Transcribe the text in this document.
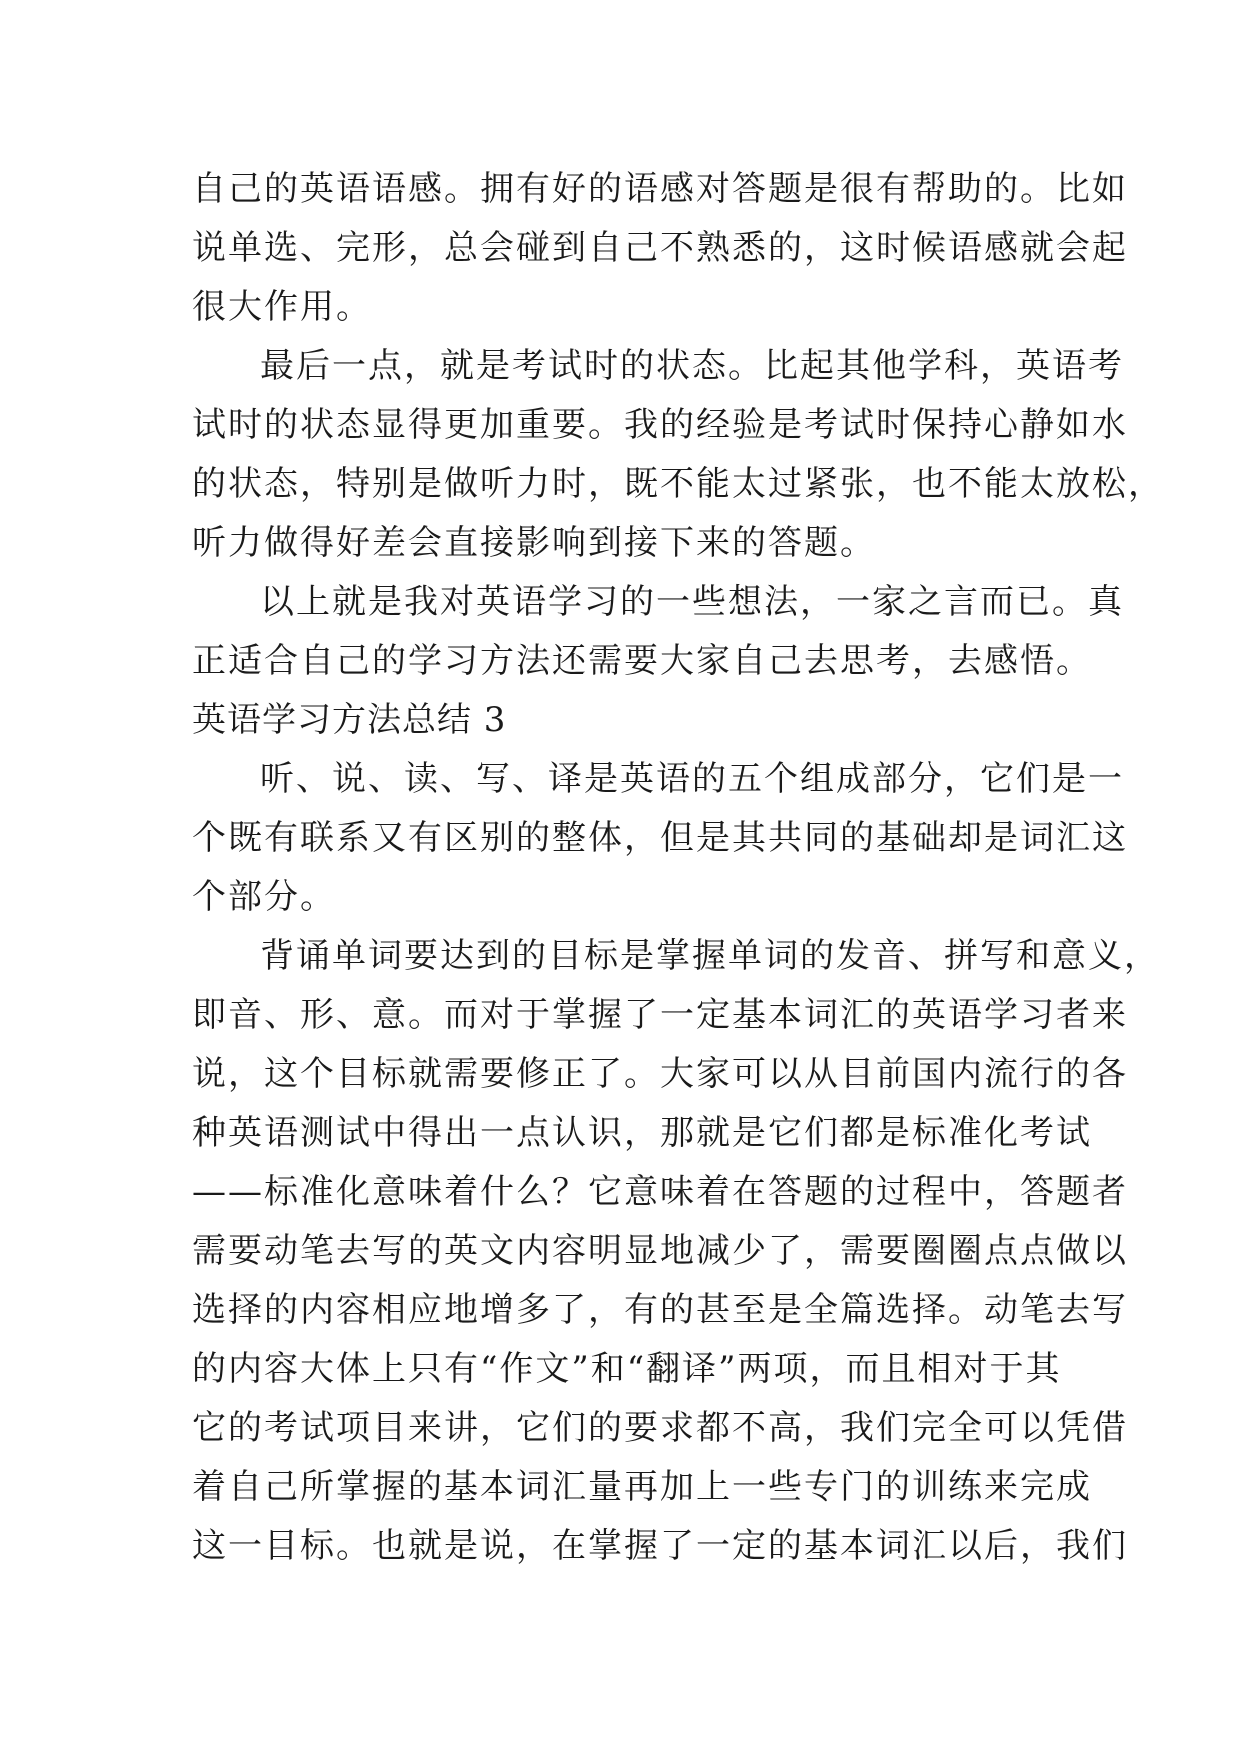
自己的英语语感。拥有好的语感对答题是很有帮助的。比如
说单选、完形，总会碰到自己不熟悉的，这时候语感就会起
很大作用。
最后一点，就是考试时的状态。比起其他学科，英语考
试时的状态显得更加重要。我的经验是考试时保持心静如水
的状态，特别是做听力时，既不能太过紧张，也不能太放松，
听力做得好差会直接影响到接下来的答题。
以上就是我对英语学习的一些想法，一家之言而已。真
正适合自己的学习方法还需要大家自己去思考，去感悟。
英语学习方法总结 3
听、说、读、写、译是英语的五个组成部分，它们是一
个既有联系又有区别的整体，但是其共同的基础却是词汇这
个部分。
背诵单词要达到的目标是掌握单词的发音、拼写和意义，
即音、形、意。而对于掌握了一定基本词汇的英语学习者来
说，这个目标就需要修正了。大家可以从目前国内流行的各
种英语测试中得出一点认识，那就是它们都是标准化考试
——标准化意味着什么？它意味着在答题的过程中，答题者
需要动笔去写的英文内容明显地减少了，需要圈圈点点做以
选择的内容相应地增多了，有的甚至是全篇选择。动笔去写
的内容大体上只有“作文”和“翻译”两项，而且相对于其
它的考试项目来讲，它们的要求都不高，我们完全可以凭借
着自己所掌握的基本词汇量再加上一些专门的训练来完成
这一目标。也就是说，在掌握了一定的基本词汇以后，我们
